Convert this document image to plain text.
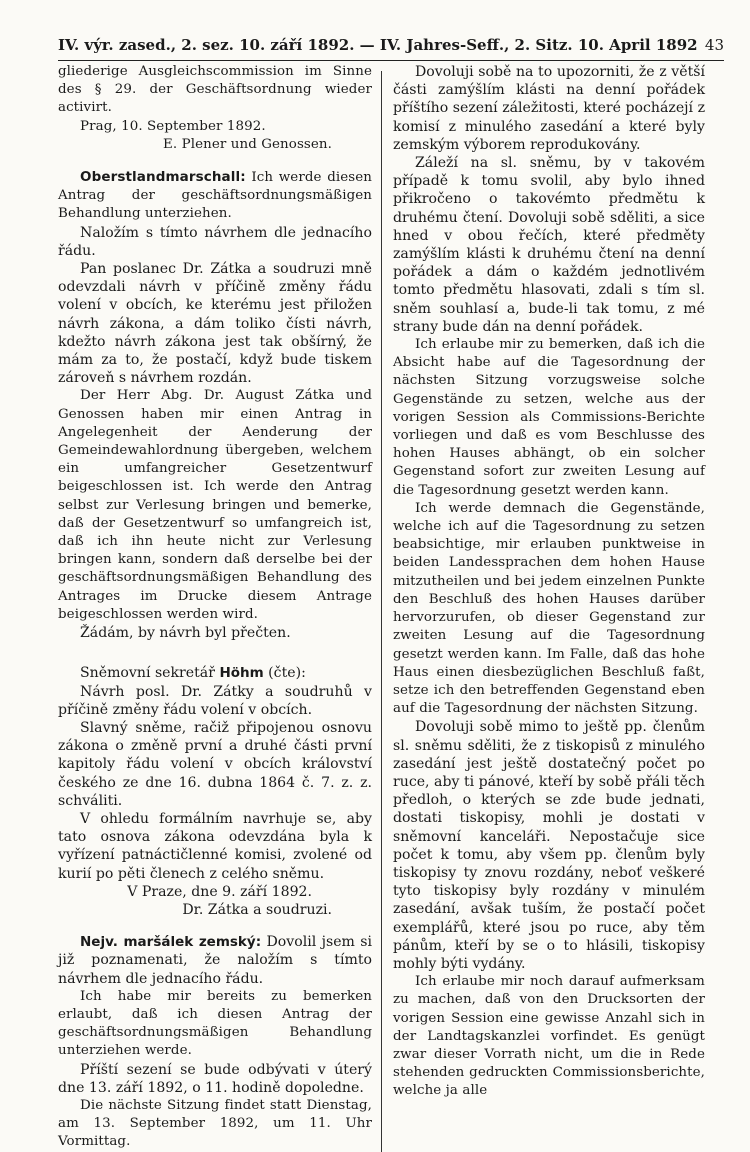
IV. výr. zased., 2. sez. 10. září 1892. — IV. Jahres-Seff., 2. Sitz. 10. April 1892 43

gliederige Ausgleichscommission im Sinne des § 29. der Geschäftsordnung wieder activirt.

Prag, 10. September 1892.

E. Plener und Genossen.

Oberstlandmarschall: Ich werde diesen Antrag der geschäftsordnungsmäßigen Behandlung unterziehen.

Naložím s tímto návrhem dle jednacího řádu.

Pan poslanec Dr. Zátka a soudruzi mně odevzdali návrh v příčině změny řádu volení v obcích, ke kterému jest přiložen návrh zákona, a dám toliko čísti návrh, kdežto návrh zákona jest tak obšírný, že mám za to, že postačí, když bude tiskem zároveň s návrhem rozdán.

Der Herr Abg. Dr. August Zátka und Genossen haben mir einen Antrag in Angelegenheit der Aenderung der Gemeindewahlordnung übergeben, welchem ein umfangreicher Gesetzentwurf beigeschlossen ist. Ich werde den Antrag selbst zur Verlesung bringen und bemerke, daß der Gesetzentwurf so umfangreich ist, daß ich ihn heute nicht zur Verlesung bringen kann, sondern daß derselbe bei der geschäftsordnungsmäßigen Behandlung des Antrages im Drucke diesem Antrage beigeschlossen werden wird.

Žádám, by návrh byl přečten.

Sněmovní sekretář Höhm (čte):

Návrh posl. Dr. Zátky a soudruhů v příčině změny řádu volení v obcích.

Slavný sněme, račiž připojenou osnovu zákona o změně první a druhé části první kapitoly řádu volení v obcích království českého ze dne 16. dubna 1864 č. 7. z. z. schváliti.

V ohledu formálním navrhuje se, aby tato osnova zákona odevzdána byla k vyřízení patnáctičlenné komisi, zvolené od kurií po pěti členech z celého sněmu.

V Praze, dne 9. září 1892.

Dr. Zátka a soudruzi.

Nejv. maršálek zemský: Dovolil jsem si již poznamenati, že naložím s tímto návrhem dle jednacího řádu.

Ich habe mir bereits zu bemerken erlaubt, daß ich diesen Antrag der geschäftsordnungsmäßigen Behandlung unterziehen werde.

Příští sezení se bude odbývati v úterý dne 13. září 1892, o 11. hodině dopoledne.

Die nächste Sitzung findet statt Dienstag, am 13. September 1892, um 11. Uhr Vormittag.

Dovoluji sobě na to upozorniti, že z větší části zamýšlím klásti na denní pořádek příštího sezení záležitosti, které pocházejí z komisí z minulého zasedání a které byly zemským výborem reprodukovány.

Záleží na sl. sněmu, by v takovém případě k tomu svolil, aby bylo ihned přikročeno o takovémto předmětu k druhému čtení. Dovoluji sobě sděliti, a sice hned v obou řečích, které předměty zamýšlím klásti k druhému čtení na denní pořádek a dám o každém jednotlivém tomto předmětu hlasovati, zdali s tím sl. sněm souhlasí a, bude-li tak tomu, z mé strany bude dán na denní pořádek.

Ich erlaube mir zu bemerken, daß ich die Absicht habe auf die Tagesordnung der nächsten Sitzung vorzugsweise solche Gegenstände zu setzen, welche aus der vorigen Session als Commissions-Berichte vorliegen und daß es vom Beschlusse des hohen Hauses abhängt, ob ein solcher Gegenstand sofort zur zweiten Lesung auf die Tagesordnung gesetzt werden kann.

Ich werde demnach die Gegenstände, welche ich auf die Tagesordnung zu setzen beabsichtige, mir erlauben punktweise in beiden Landessprachen dem hohen Hause mitzutheilen und bei jedem einzelnen Punkte den Beschluß des hohen Hauses darüber hervorzurufen, ob dieser Gegenstand zur zweiten Lesung auf die Tagesordnung gesetzt werden kann. Im Falle, daß das hohe Haus einen diesbezüglichen Beschluß faßt, setze ich den betreffenden Gegenstand eben auf die Tagesordnung der nächsten Sitzung.

Dovoluji sobě mimo to ještě pp. členům sl. sněmu sděliti, že z tiskopisů z minulého zasedání jest ještě dostatečný počet po ruce, aby ti pánové, kteří by sobě přáli těch předloh, o kterých se zde bude jednati, dostati tiskopisy, mohli je dostati v sněmovní kanceláři. Nepostačuje sice počet k tomu, aby všem pp. členům byly tiskopisy ty znovu rozdány, neboť veškeré tyto tiskopisy byly rozdány v minulém zasedání, avšak tuším, že postačí počet exemplářů, které jsou po ruce, aby těm pánům, kteří by se o to hlásili, tiskopisy mohly býti vydány.

Ich erlaube mir noch darauf aufmerksam zu machen, daß von den Drucksorten der vorigen Session eine gewisse Anzahl sich in der Landtagskanzlei vorfindet. Es genügt zwar dieser Vorrath nicht, um die in Rede stehenden gedruckten Commissionsberichte, welche ja alle
